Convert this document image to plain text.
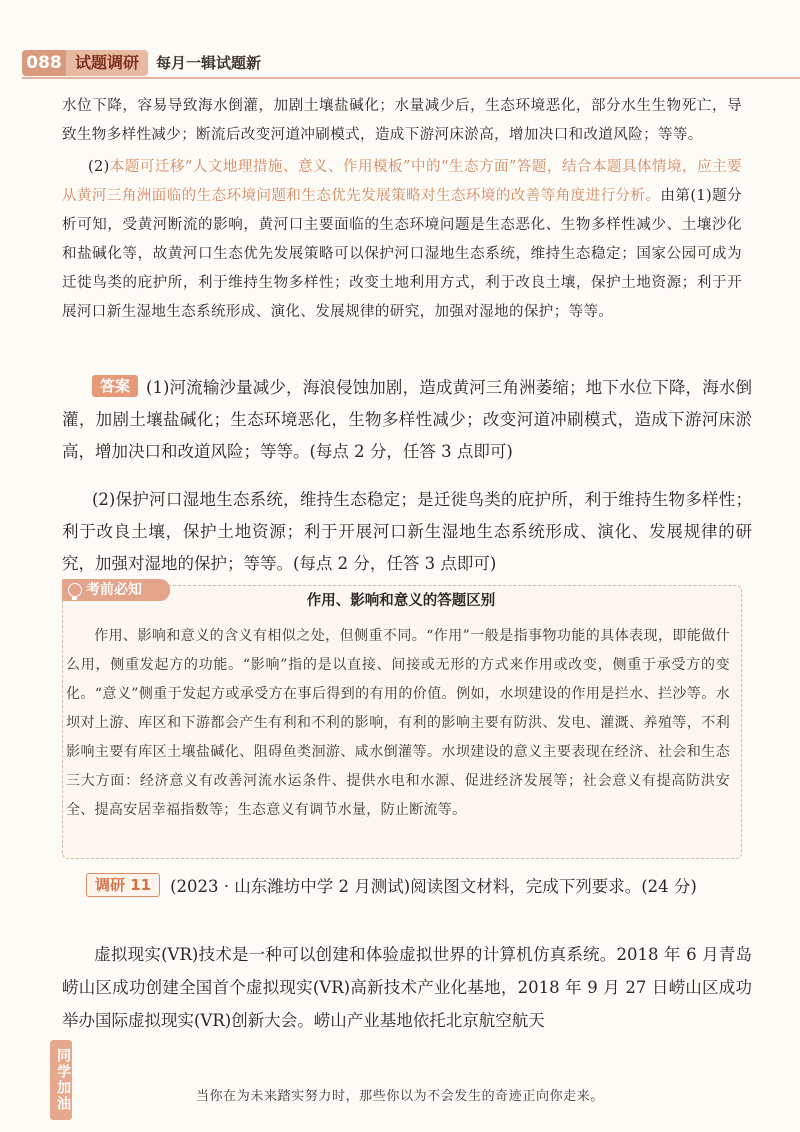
088 试题调研	每月一辑试题新

水位下降，容易导致海水倒灌，加剧土壤盐碱化；水量减少后，生态环境恶化，部分水生生物死亡，导致生物多样性减少；断流后改变河道冲刷模式，造成下游河床淤高，增加决口和改道风险；等等。

(2)本题可迁移“人文地理措施、意义、作用模板”中的“生态方面”答题，结合本题具体情境，应主要从黄河三角洲面临的生态环境问题和生态优先发展策略对生态环境的改善等角度进行分析。由第(1)题分析可知，受黄河断流的影响，黄河口主要面临的生态环境问题是生态恶化、生物多样性减少、土壤沙化和盐碱化等，故黄河口生态优先发展策略可以保护河口湿地生态系统，维持生态稳定；国家公园可成为迁徙鸟类的庇护所，利于维持生物多样性；改变土地利用方式，利于改良土壤，保护土地资源；利于开展河口新生湿地生态系统形成、演化、发展规律的研究，加强对湿地的保护；等等。

答案 (1)河流输沙量减少，海浪侵蚀加剧，造成黄河三角洲萎缩；地下水位下降，海水倒灌，加剧土壤盐碱化；生态环境恶化，生物多样性减少；改变河道冲刷模式，造成下游河床淤高，增加决口和改道风险；等等。(每点 2 分，任答 3 点即可)

(2)保护河口湿地生态系统，维持生态稳定；是迁徙鸟类的庇护所，利于维持生物多样性；利于改良土壤，保护土地资源；利于开展河口新生湿地生态系统形成、演化、发展规律的研究，加强对湿地的保护；等等。(每点 2 分，任答 3 点即可)

考前必知
作用、影响和意义的答题区别

作用、影响和意义的含义有相似之处，但侧重不同。“作用”一般是指事物功能的具体表现，即能做什么用，侧重发起方的功能。“影响”指的是以直接、间接或无形的方式来作用或改变，侧重于承受方的变化。“意义”侧重于发起方或承受方在事后得到的有用的价值。例如，水坝建设的作用是拦水、拦沙等。水坝对上游、库区和下游都会产生有利和不利的影响，有利的影响主要有防洪、发电、灌溉、养殖等，不利影响主要有库区土壤盐碱化、阻碍鱼类洄游、咸水倒灌等。水坝建设的意义主要表现在经济、社会和生态三大方面：经济意义有改善河流水运条件、提供水电和水源、促进经济发展等；社会意义有提高防洪安全、提高安居幸福指数等；生态意义有调节水量，防止断流等。

调研 11 (2023 · 山东潍坊中学 2 月测试)阅读图文材料，完成下列要求。(24 分)

虚拟现实(VR)技术是一种可以创建和体验虚拟世界的计算机仿真系统。2018 年 6 月青岛崂山区成功创建全国首个虚拟现实(VR)高新技术产业化基地，2018 年 9 月 27 日崂山区成功举办国际虚拟现实(VR)创新大会。崂山产业基地依托北京航空航天

同学加油	当你在为未来踏实努力时，那些你以为不会发生的奇迹正向你走来。
